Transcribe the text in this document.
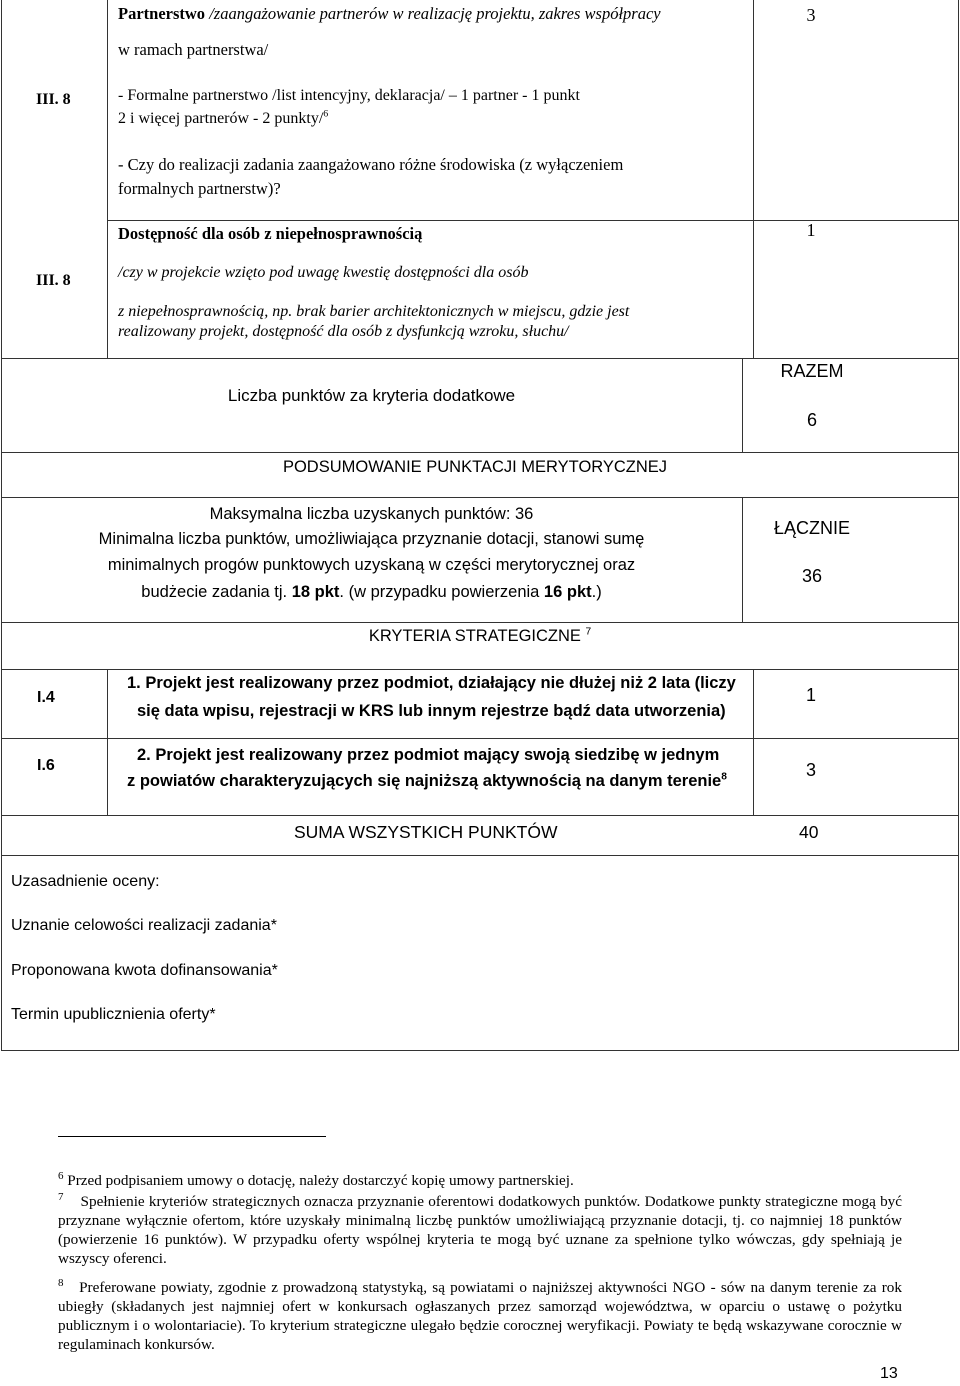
III. 8
Partnerstwo /zaangażowanie partnerów w realizację projektu, zakres współpracy
w ramach partnerstwa/
- Formalne partnerstwo /list intencyjny, deklaracja/ – 1 partner - 1 punkt
2 i więcej partnerów - 2 punkty/$^6$
- Czy do realizacji zadania zaangażowano różne środowiska (z wyłączeniem
formalnych partnerstw)?
3
III. 8
Dostępność dla osób z niepełnosprawnością
/czy w projekcie wzięto pod uwagę kwestię dostępności dla osób
z niepełnosprawnością, np. brak barier architektonicznych w miejscu, gdzie jest
realizowany projekt, dostępność dla osób z dysfunkcją wzroku, słuchu/
1
Liczba punktów za kryteria dodatkowe
RAZEM
6
PODSUMOWANIE PUNKTACJI MERYTORYCZNEJ
Maksymalna liczba uzyskanych punktów: 36
Minimalna liczba punktów, umożliwiająca przyznanie dotacji, stanowi sumę
minimalnych progów punktowych uzyskaną w części merytorycznej oraz
budżecie zadania tj. 18 pkt. (w przypadku powierzenia 16 pkt.)
ŁĄCZNIE
36
KRYTERIA STRATEGICZNE $^7$
I.4
1. Projekt jest realizowany przez podmiot, działający nie dłużej niż 2 lata (liczy
się data wpisu, rejestracji w KRS lub innym rejestrze bądź data utworzenia)
1
I.6
2. Projekt jest realizowany przez podmiot mający swoją siedzibę w jednym
z powiatów charakteryzujących się najniższą aktywnością na danym terenie$^8$	3
SUMA WSZYSTKICH PUNKTÓW	40
Uzasadnienie oceny:
Uznanie celowości realizacji zadania*
Proponowana kwota dofinansowania*
Termin upublicznienia oferty*
$^6$ Przed podpisaniem umowy o dotację, należy dostarczyć kopię umowy partnerskiej.
$^7$ Spełnienie kryteriów strategicznych oznacza przyznanie oferentowi dodatkowych punktów. Dodatkowe punkty strategiczne mogą być przyznane wyłącznie ofertom, które uzyskały minimalną liczbę punktów umożliwiającą przyznanie dotacji, tj. co najmniej 18 punktów (powierzenie 16 punktów). W przypadku oferty wspólnej kryteria te mogą być uznane za spełnione tylko wówczas, gdy spełniają je wszyscy oferenci.
$^8$ Preferowane powiaty, zgodnie z prowadzoną statystyką, są powiatami o najniższej aktywności NGO - sów na danym terenie za rok ubiegły (składanych jest najmniej ofert w konkursach ogłaszanych przez samorząd województwa, w oparciu o ustawę o pożytku publicznym i o wolontariacie). To kryterium strategiczne ulegało będzie corocznej weryfikacji. Powiaty te będą wskazywane corocznie w regulaminach konkursów.
13
